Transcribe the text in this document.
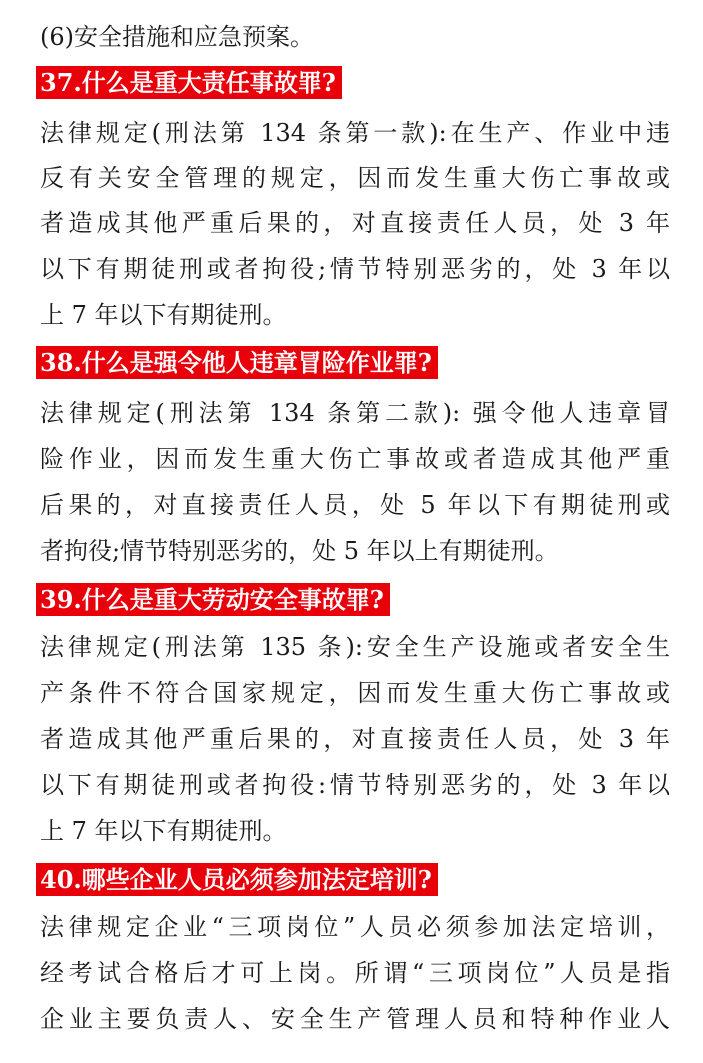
(6)安全措施和应急预案。
37.什么是重大责任事故罪?
法律规定(刑法第 134 条第一款):在生产、作业中违
反有关安全管理的规定，因而发生重大伤亡事故或
者造成其他严重后果的，对直接责任人员，处 3 年
以下有期徒刑或者拘役;情节特别恶劣的，处 3 年以
上 7 年以下有期徒刑。
38.什么是强令他人违章冒险作业罪?
法律规定(刑法第 134 条第二款): 强令他人违章冒
险作业，因而发生重大伤亡事故或者造成其他严重
后果的，对直接责任人员，处 5 年以下有期徒刑或
者拘役;情节特别恶劣的，处 5 年以上有期徒刑。
39.什么是重大劳动安全事故罪?
法律规定(刑法第 135 条):安全生产设施或者安全生
产条件不符合国家规定，因而发生重大伤亡事故或
者造成其他严重后果的，对直接责任人员，处 3 年
以下有期徒刑或者拘役:情节特别恶劣的，处 3 年以
上 7 年以下有期徒刑。
40.哪些企业人员必须参加法定培训?
法律规定企业“三项岗位”人员必须参加法定培训，
经考试合格后才可上岗。所谓“三项岗位”人员是指
企业主要负责人、安全生产管理人员和特种作业人
